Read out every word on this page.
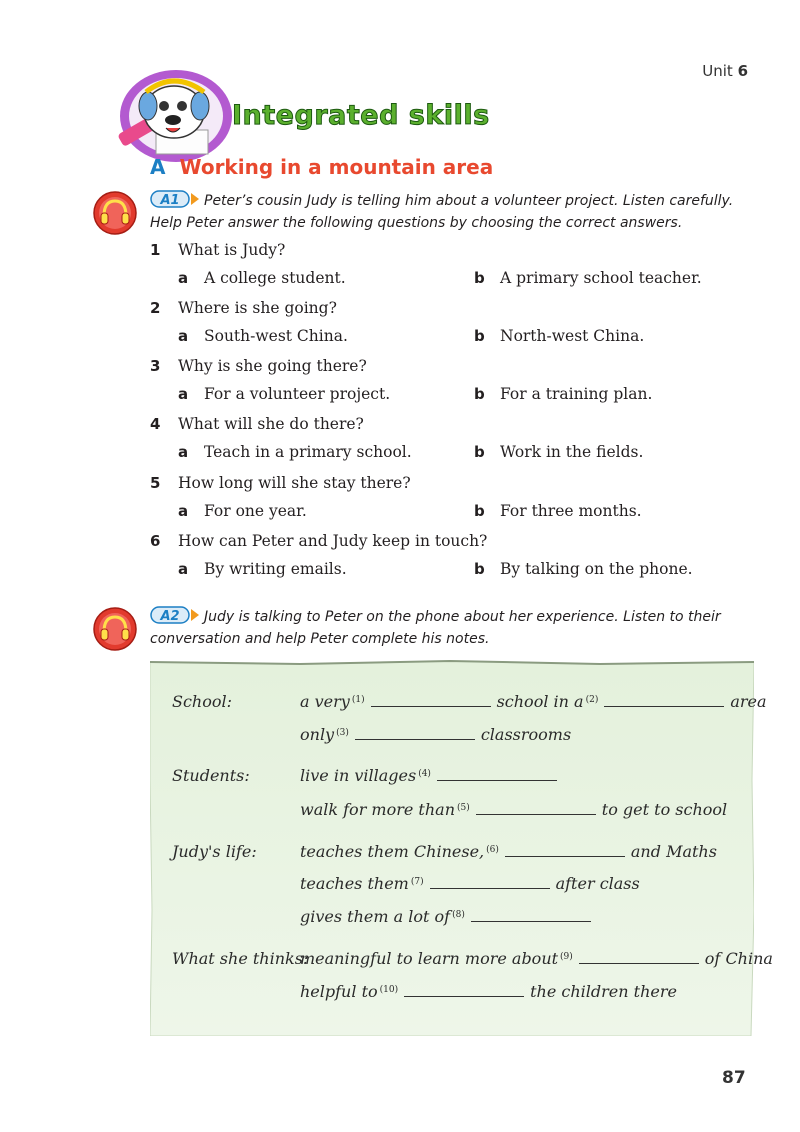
Unit 6
Integrated skills
A Working in a mountain area
A1 Peter’s cousin Judy is telling him about a volunteer project. Listen carefully. Help Peter answer the following questions by choosing the correct answers.
1 What is Judy?
a A college student.	b A primary school teacher.
2 Where is she going?
a South-west China.	b North-west China.
3 Why is she going there?
a For a volunteer project.	b For a training plan.
4 What will she do there?
a Teach in a primary school.	b Work in the fields.
5 How long will she stay there?
a For one year.	b For three months.
6 How can Peter and Judy keep in touch?
a By writing emails.	b By talking on the phone.
A2 Judy is talking to Peter on the phone about her experience. Listen to their conversation and help Peter complete his notes.
School:	a very $^{(1)}$	school in a $^{(2)}$	area
only $^{(3)}$	classrooms
Students:	live in villages $^{(4)}$
walk for more than $^{(5)}$	to get to school
Judy's life:	teaches them Chinese, $^{(6)}$	and Maths
teaches them $^{(7)}$	after class
gives them a lot of $^{(8)}$
What she thinks:
meaningful to learn more about $^{(9)}$	of China
helpful to $^{(10)}$	the children there
87
